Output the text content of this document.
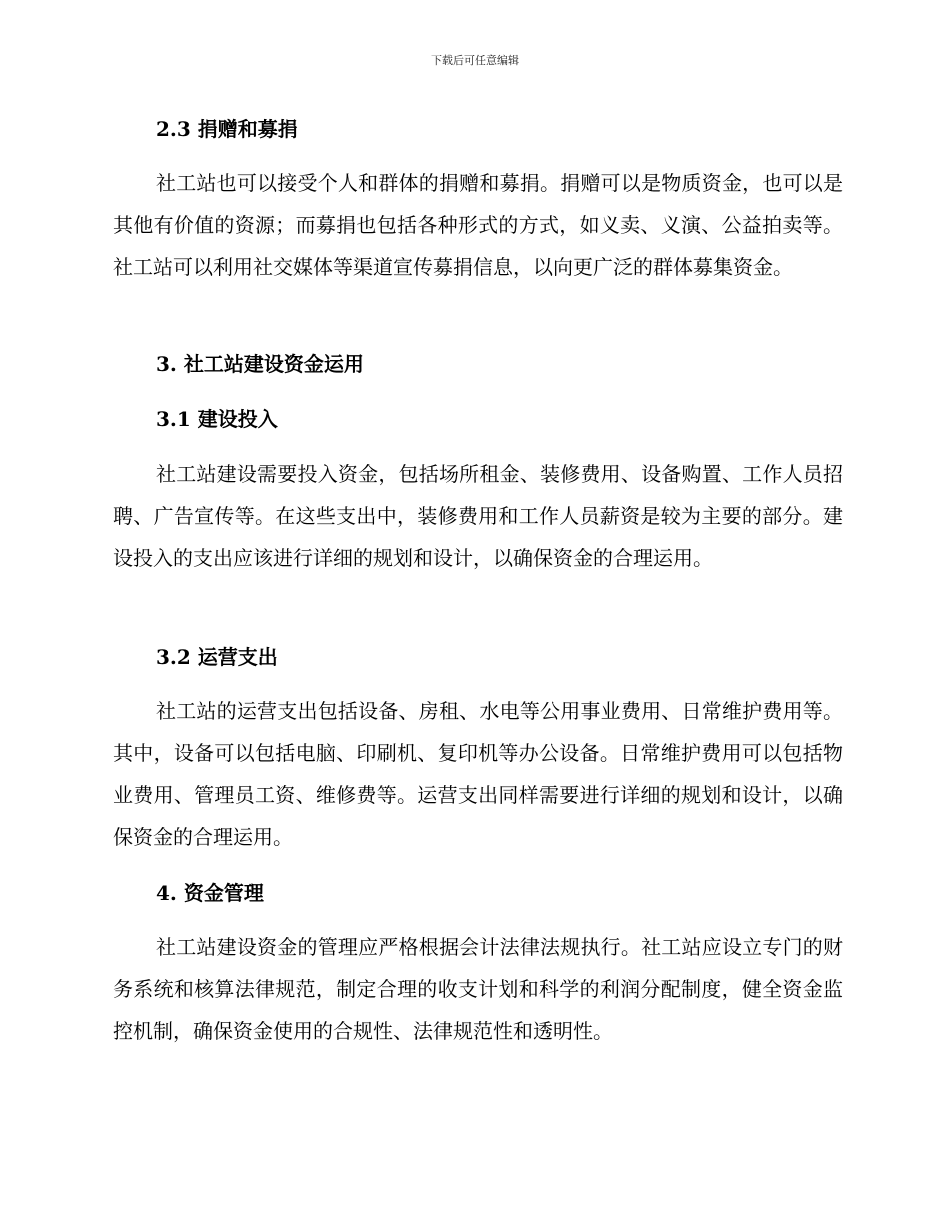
下载后可任意编辑
2.3 捐赠和募捐
社工站也可以接受个人和群体的捐赠和募捐。捐赠可以是物质资金，也可以是其他有价值的资源；而募捐也包括各种形式的方式，如义卖、义演、公益拍卖等。社工站可以利用社交媒体等渠道宣传募捐信息，以向更广泛的群体募集资金。
3. 社工站建设资金运用
3.1 建设投入
社工站建设需要投入资金，包括场所租金、装修费用、设备购置、工作人员招聘、广告宣传等。在这些支出中，装修费用和工作人员薪资是较为主要的部分。建设投入的支出应该进行详细的规划和设计，以确保资金的合理运用。
3.2 运营支出
社工站的运营支出包括设备、房租、水电等公用事业费用、日常维护费用等。其中，设备可以包括电脑、印刷机、复印机等办公设备。日常维护费用可以包括物业费用、管理员工资、维修费等。运营支出同样需要进行详细的规划和设计，以确保资金的合理运用。
4. 资金管理
社工站建设资金的管理应严格根据会计法律法规执行。社工站应设立专门的财务系统和核算法律规范，制定合理的收支计划和科学的利润分配制度，健全资金监控机制，确保资金使用的合规性、法律规范性和透明性。
